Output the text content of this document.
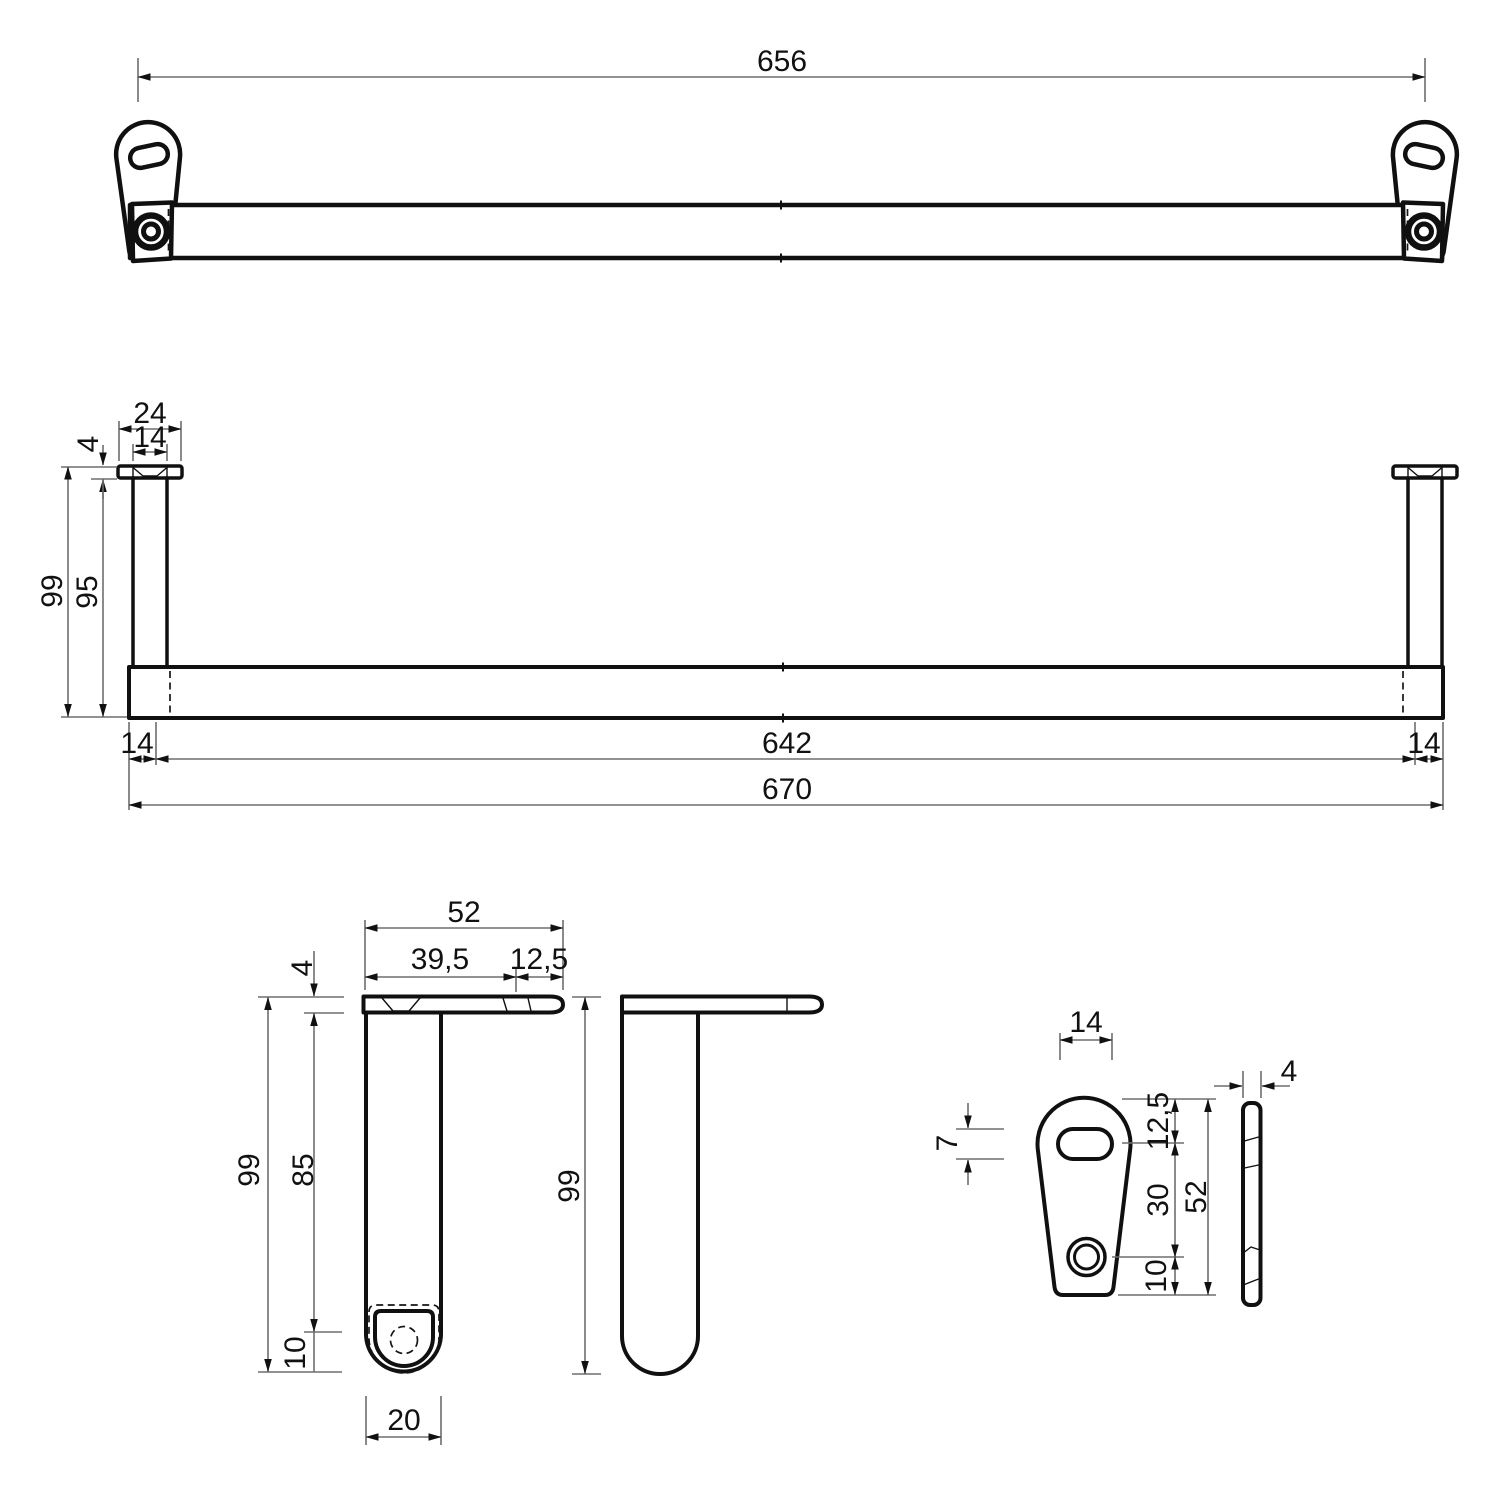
656
24
14
4
99 95
14	642	14
670
52
39,5 12,5
4
99 85
10
20
99
14
7	12,5
30
10
52
4
